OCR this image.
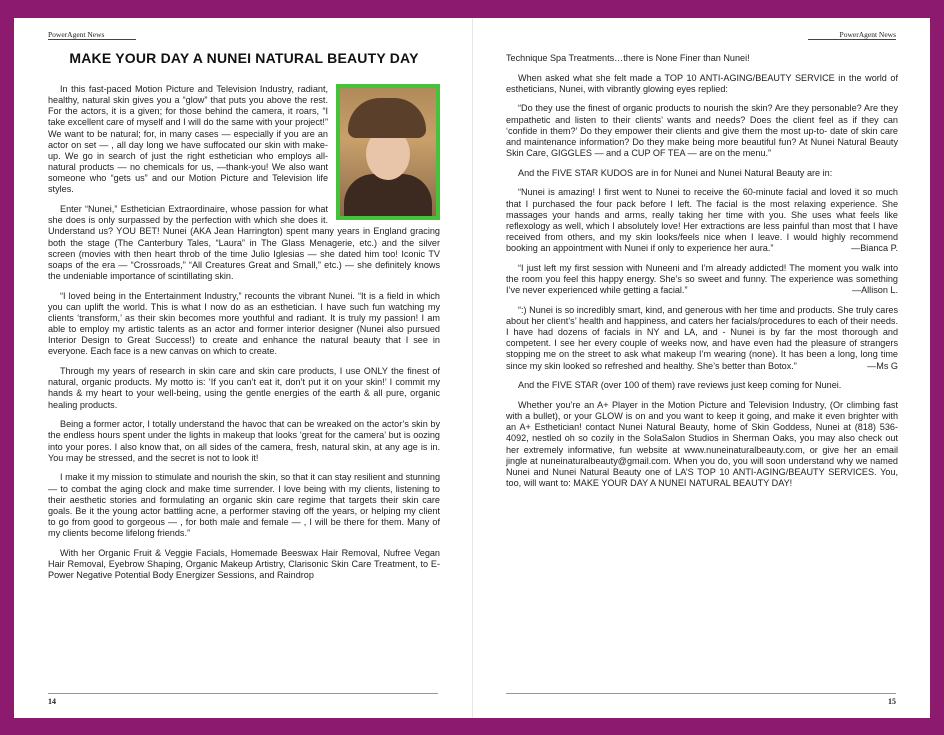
PowerAgent News
MAKE YOUR DAY A NUNEI NATURAL BEAUTY DAY

In this fast-paced Motion Picture and Television Industry, radiant, healthy, natural skin gives you a “glow” that puts you above the rest. For the actors, it is a given; for those behind the camera, it roars, “I take excellent care of myself and I will do the same with your project!” We want to be natural; for, in many cases — especially if you are an actor on set — , all day long we have suffocated our skin with make-up. We go in search of just the right esthetician who employs all-natural products — no chemicals for us, —thank-you! We also want someone who “gets us” and our Motion Picture and Television life styles.

Enter “Nunei,” Esthetician Extraordinaire, whose passion for what she does is only surpassed by the perfection with which she does it. Understand us? YOU BET! Nunei (AKA Jean Harrington) spent many years in England gracing both the stage (The Canterbury Tales, “Laura” in The Glass Menagerie, etc.) and the silver screen (movies with then heart throb of the time Julio Iglesias — she dated him too! Iconic TV soaps of the era — “Crossroads,” “All Creatures Great and Small,” etc.) — she definitely knows the undeniable importance of scintillating skin.

“I loved being in the Entertainment Industry,” recounts the vibrant Nunei. “It is a field in which you can uplift the world. This is what I now do as an esthetician. I have such fun watching my clients ‘transform,’ as their skin becomes more youthful and radiant. It is truly my passion! I am able to employ my artistic talents as an actor and former interior designer (Nunei also pursued Interior Design to Great Success!) to create and enhance the natural beauty that I see in everyone. Each face is a new canvas on which to create.

Through my years of research in skin care and skin care products, I use ONLY the finest of natural, organic products. My motto is: ‘If you can’t eat it, don’t put it on your skin!’ I commit my hands & my heart to your well-being, using the gentle energies of the earth & all pure, organic healing products.

Being a former actor, I totally understand the havoc that can be wreaked on the actor’s skin by the endless hours spent under the lights in makeup that looks ‘great for the camera’ but is oozing into your pores. I also know that, on all sides of the camera, fresh, natural skin, at any age is in. You may be stressed, and the secret is not to look it!

I make it my mission to stimulate and nourish the skin, so that it can stay resilient and stunning — to combat the aging clock and make time surrender. I love being with my clients, listening to their aesthetic stories and formulating an organic skin care regime that targets their skin care goals. Be it the young actor battling acne, a performer staving off the years, or helping my client to go from good to gorgeous — , for both male and female — , I will be there for them. Many of my clients become lifelong friends.”

With her Organic Fruit & Veggie Facials, Homemade Beeswax Hair Removal, Nufree Vegan Hair Removal, Eyebrow Shaping, Organic Makeup Artistry, Clarisonic Skin Care Treatment, to E-Power Negative Potential Body Energizer Sessions, and Raindrop

14
PowerAgent News

Technique Spa Treatments…there is None Finer than Nunei!

When asked what she felt made a TOP 10 ANTI-AGING/BEAUTY SERVICE in the world of estheticians, Nunei, with vibrantly glowing eyes replied:

“Do they use the finest of organic products to nourish the skin? Are they personable? Are they empathetic and listen to their clients’ wants and needs? Does the client feel as if they can ‘confide in them?’ Do they empower their clients and give them the most up-to- date of skin care and maintenance information? Do they make being more beautiful fun? At Nunei Natural Beauty Skin Care, GIGGLES — and a CUP OF TEA — are on the menu.”

And the FIVE STAR KUDOS are in for Nunei and Nunei Natural Beauty are in:

“Nunei is amazing! I first went to Nunei to receive the 60-minute facial and loved it so much that I purchased the four pack before I left. The facial is the most relaxing experience. She massages your hands and arms, really taking her time with you. She uses what feels like reflexology as well, which I absolutely love! Her extractions are less painful than most that I have received from others, and my skin looks/feels nice when I leave. I would highly recommend booking an appointment with Nunei if only to experience her aura.”	—Bianca P.

“I just left my first session with Nuneeni and I’m already addicted! The moment you walk into the room you feel this happy energy. She’s so sweet and funny. The experience was something I’ve never experienced while getting a facial.”	—Allison L.

“:) Nunei is so incredibly smart, kind, and generous with her time and products. She truly cares about her client’s’ health and happiness, and caters her facials/procedures to each of their needs. I have had dozens of facials in NY and LA, and - Nunei is by far the most thorough and competent. I see her every couple of weeks now, and have even had the pleasure of strangers stopping me on the street to ask what makeup I’m wearing (none). It has been a long, long time since my skin looked so refreshed and healthy. She’s better than Botox.”	—Ms G

And the FIVE STAR (over 100 of them) rave reviews just keep coming for Nunei.

Whether you’re an A+ Player in the Motion Picture and Television Industry, (Or climbing fast with a bullet), or your GLOW is on and you want to keep it going, and make it even brighter with an A+ Esthetician! contact Nunei Natural Beauty, home of Skin Goddess, Nunei at (818) 536-4092, nestled oh so cozily in the SolaSalon Studios in Sherman Oaks, you may also check out her extremely informative, fun website at www.nuneinaturalbeauty.com, or give her an email jingle at nuneinaturalbeauty@gmail.com. When you do, you will soon understand why we named Nunei and Nunei Natural Beauty one of LA’S TOP 10 ANTI-AGING/BEAUTY SERVICES. You, too, will want to: MAKE YOUR DAY A NUNEI NATURAL BEAUTY DAY!

15
